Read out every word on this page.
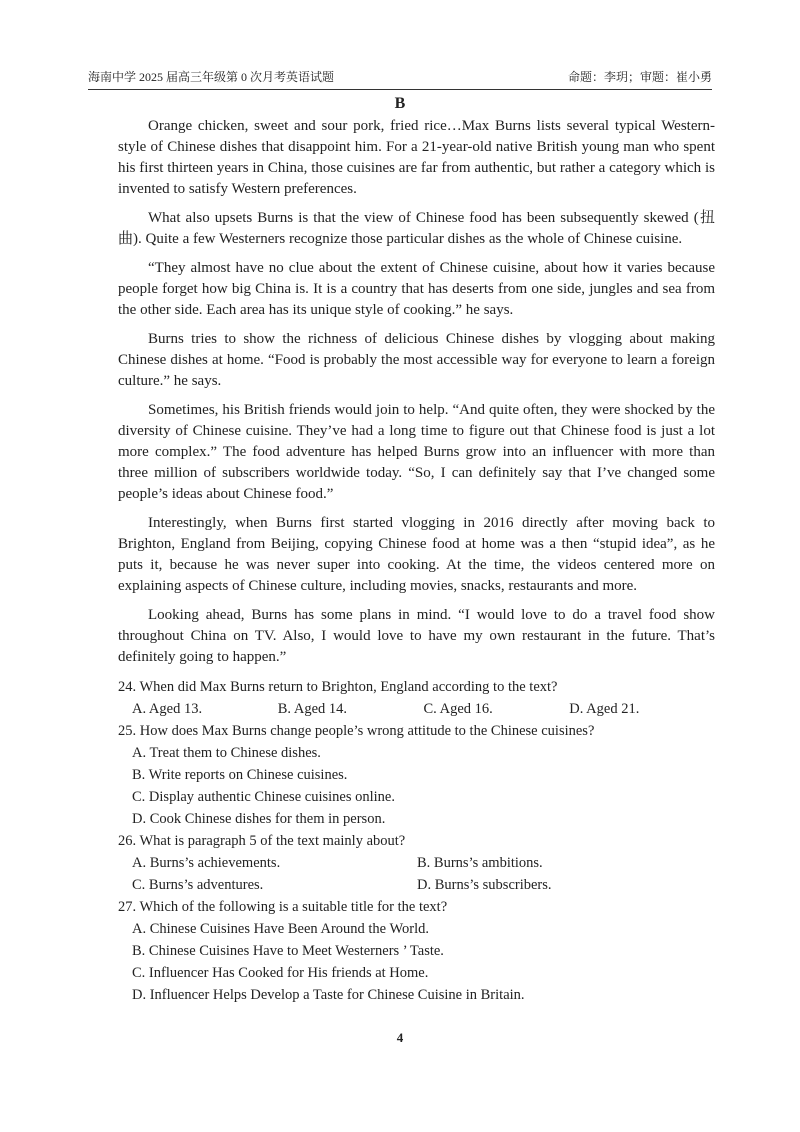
海南中学 2025 届高三年级第 0 次月考英语试题	命题：李玥；审题：崔小勇
B

Orange chicken, sweet and sour pork, fried rice…Max Burns lists several typical Western-style of Chinese dishes that disappoint him. For a 21-year-old native British young man who spent his first thirteen years in China, those cuisines are far from authentic, but rather a category which is invented to satisfy Western preferences.

What also upsets Burns is that the view of Chinese food has been subsequently skewed (扭曲). Quite a few Westerners recognize those particular dishes as the whole of Chinese cuisine.

“They almost have no clue about the extent of Chinese cuisine, about how it varies because people forget how big China is. It is a country that has deserts from one side, jungles and sea from the other side. Each area has its unique style of cooking.” he says.

Burns tries to show the richness of delicious Chinese dishes by vlogging about making Chinese dishes at home. “Food is probably the most accessible way for everyone to learn a foreign culture.” he says.

Sometimes, his British friends would join to help. “And quite often, they were shocked by the diversity of Chinese cuisine. They’ve had a long time to figure out that Chinese food is just a lot more complex.” The food adventure has helped Burns grow into an influencer with more than three million of subscribers worldwide today. “So, I can definitely say that I’ve changed some people’s ideas about Chinese food.”

Interestingly, when Burns first started vlogging in 2016 directly after moving back to Brighton, England from Beijing, copying Chinese food at home was a then “stupid idea”, as he puts it, because he was never super into cooking. At the time, the videos centered more on explaining aspects of Chinese culture, including movies, snacks, restaurants and more.

Looking ahead, Burns has some plans in mind. “I would love to do a travel food show throughout China on TV. Also, I would love to have my own restaurant in the future. That’s definitely going to happen.”

24. When did Max Burns return to Brighton, England according to the text?
A. Aged 13.	B. Aged 14.	C. Aged 16.	D. Aged 21.
25. How does Max Burns change people’s wrong attitude to the Chinese cuisines?
A. Treat them to Chinese dishes.
B. Write reports on Chinese cuisines.
C. Display authentic Chinese cuisines online.
D. Cook Chinese dishes for them in person.
26. What is paragraph 5 of the text mainly about?
A. Burns’s achievements.	B. Burns’s ambitions.
C. Burns’s adventures.	D. Burns’s subscribers.
27. Which of the following is a suitable title for the text?
A. Chinese Cuisines Have Been Around the World.
B. Chinese Cuisines Have to Meet Westerners ’ Taste.
C. Influencer Has Cooked for His friends at Home.
D. Influencer Helps Develop a Taste for Chinese Cuisine in Britain.
4
